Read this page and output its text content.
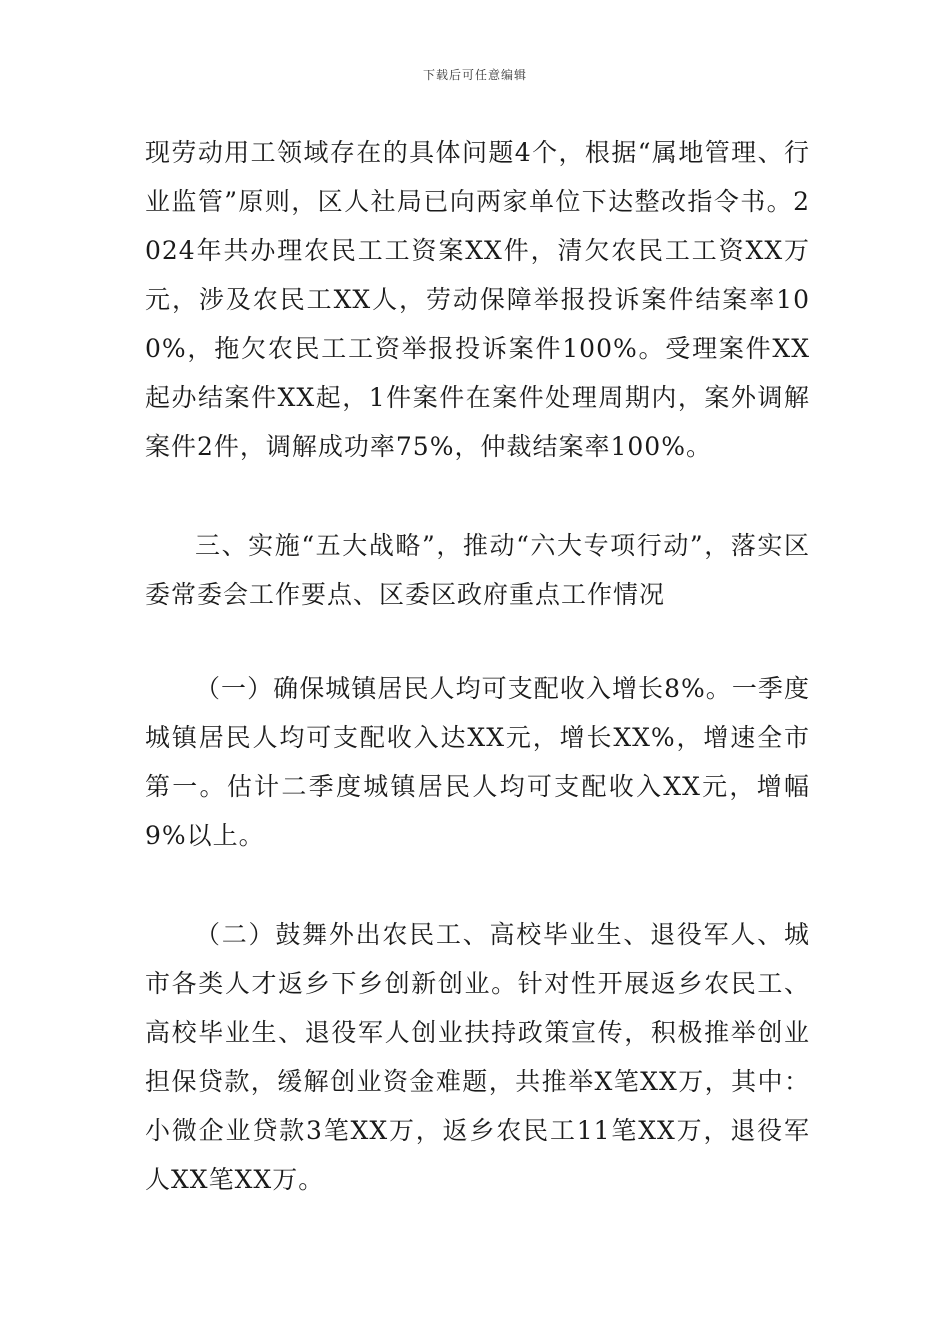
下载后可任意编辑

现劳动用工领域存在的具体问题4个，根据“属地管理、行业监管”原则，区人社局已向两家单位下达整改指令书。2024年共办理农民工工资案XX件，清欠农民工工资XX万元，涉及农民工XX人，劳动保障举报投诉案件结案率100%，拖欠农民工工资举报投诉案件100%。受理案件XX起办结案件XX起，1件案件在案件处理周期内，案外调解案件2件，调解成功率75%，仲裁结案率100%。

三、实施“五大战略”，推动“六大专项行动”，落实区委常委会工作要点、区委区政府重点工作情况

（一）确保城镇居民人均可支配收入增长8%。一季度城镇居民人均可支配收入达XX元，增长XX%，增速全市第一。估计二季度城镇居民人均可支配收入XX元，增幅9%以上。

（二）鼓舞外出农民工、高校毕业生、退役军人、城市各类人才返乡下乡创新创业。针对性开展返乡农民工、高校毕业生、退役军人创业扶持政策宣传，积极推举创业担保贷款，缓解创业资金难题，共推举X笔XX万，其中：小微企业贷款3笔XX万，返乡农民工11笔XX万，退役军人XX笔XX万。
